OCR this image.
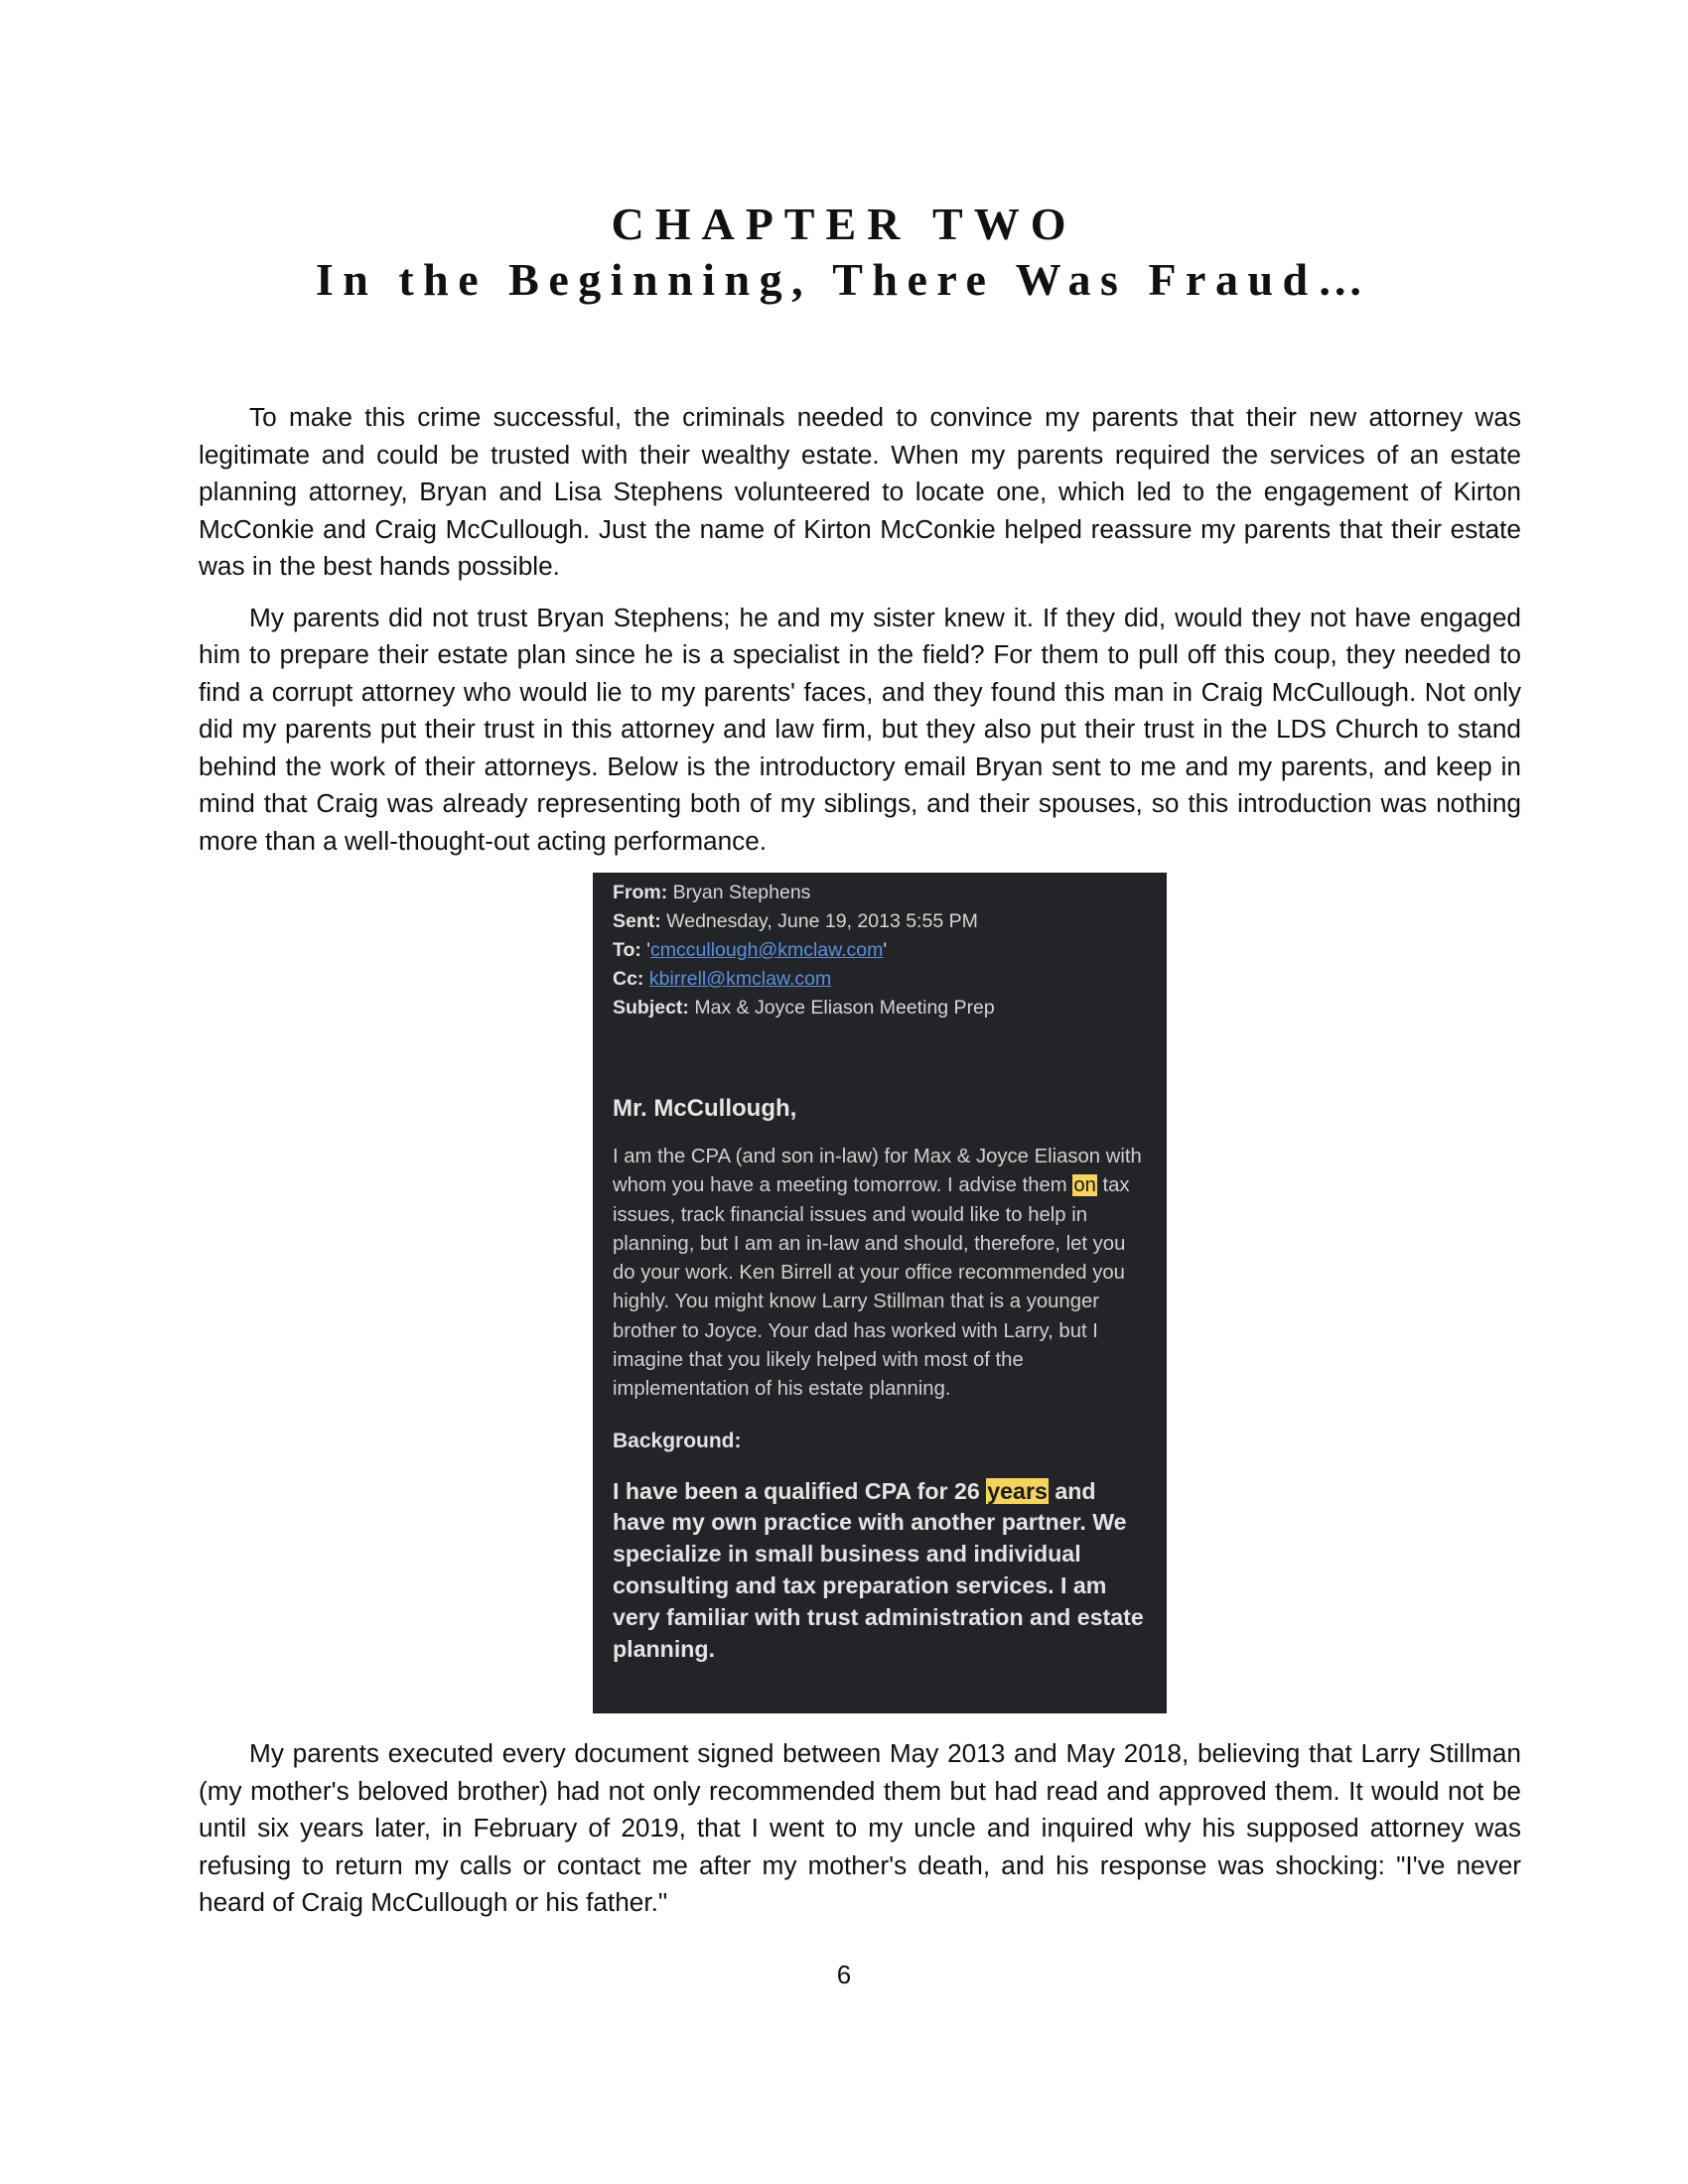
CHAPTER TWO
In the Beginning, There Was Fraud…

To make this crime successful, the criminals needed to convince my parents that their new attorney was legitimate and could be trusted with their wealthy estate. When my parents required the services of an estate planning attorney, Bryan and Lisa Stephens volunteered to locate one, which led to the engagement of Kirton McConkie and Craig McCullough. Just the name of Kirton McConkie helped reassure my parents that their estate was in the best hands possible.

My parents did not trust Bryan Stephens; he and my sister knew it. If they did, would they not have engaged him to prepare their estate plan since he is a specialist in the field? For them to pull off this coup, they needed to find a corrupt attorney who would lie to my parents' faces, and they found this man in Craig McCullough. Not only did my parents put their trust in this attorney and law firm, but they also put their trust in the LDS Church to stand behind the work of their attorneys. Below is the introductory email Bryan sent to me and my parents, and keep in mind that Craig was already representing both of my siblings, and their spouses, so this introduction was nothing more than a well-thought-out acting performance.

From: Bryan Stephens
Sent: Wednesday, June 19, 2013 5:55 PM
To: 'cmccullough@kmclaw.com'
Cc: kbirrell@kmclaw.com
Subject: Max & Joyce Eliason Meeting Prep
Mr. McCullough,
I am the CPA (and son in-law) for Max & Joyce Eliason with whom you have a meeting tomorrow. I advise them on tax issues, track financial issues and would like to help in planning, but I am an in-law and should, therefore, let you do your work. Ken Birrell at your office recommended you highly. You might know Larry Stillman that is a younger brother to Joyce. Your dad has worked with Larry, but I imagine that you likely helped with most of the implementation of his estate planning.
Background:
I have been a qualified CPA for 26 years and have my own practice with another partner. We specialize in small business and individual consulting and tax preparation services. I am very familiar with trust administration and estate planning.

My parents executed every document signed between May 2013 and May 2018, believing that Larry Stillman (my mother's beloved brother) had not only recommended them but had read and approved them. It would not be until six years later, in February of 2019, that I went to my uncle and inquired why his supposed attorney was refusing to return my calls or contact me after my mother's death, and his response was shocking: "I've never heard of Craig McCullough or his father."

6
